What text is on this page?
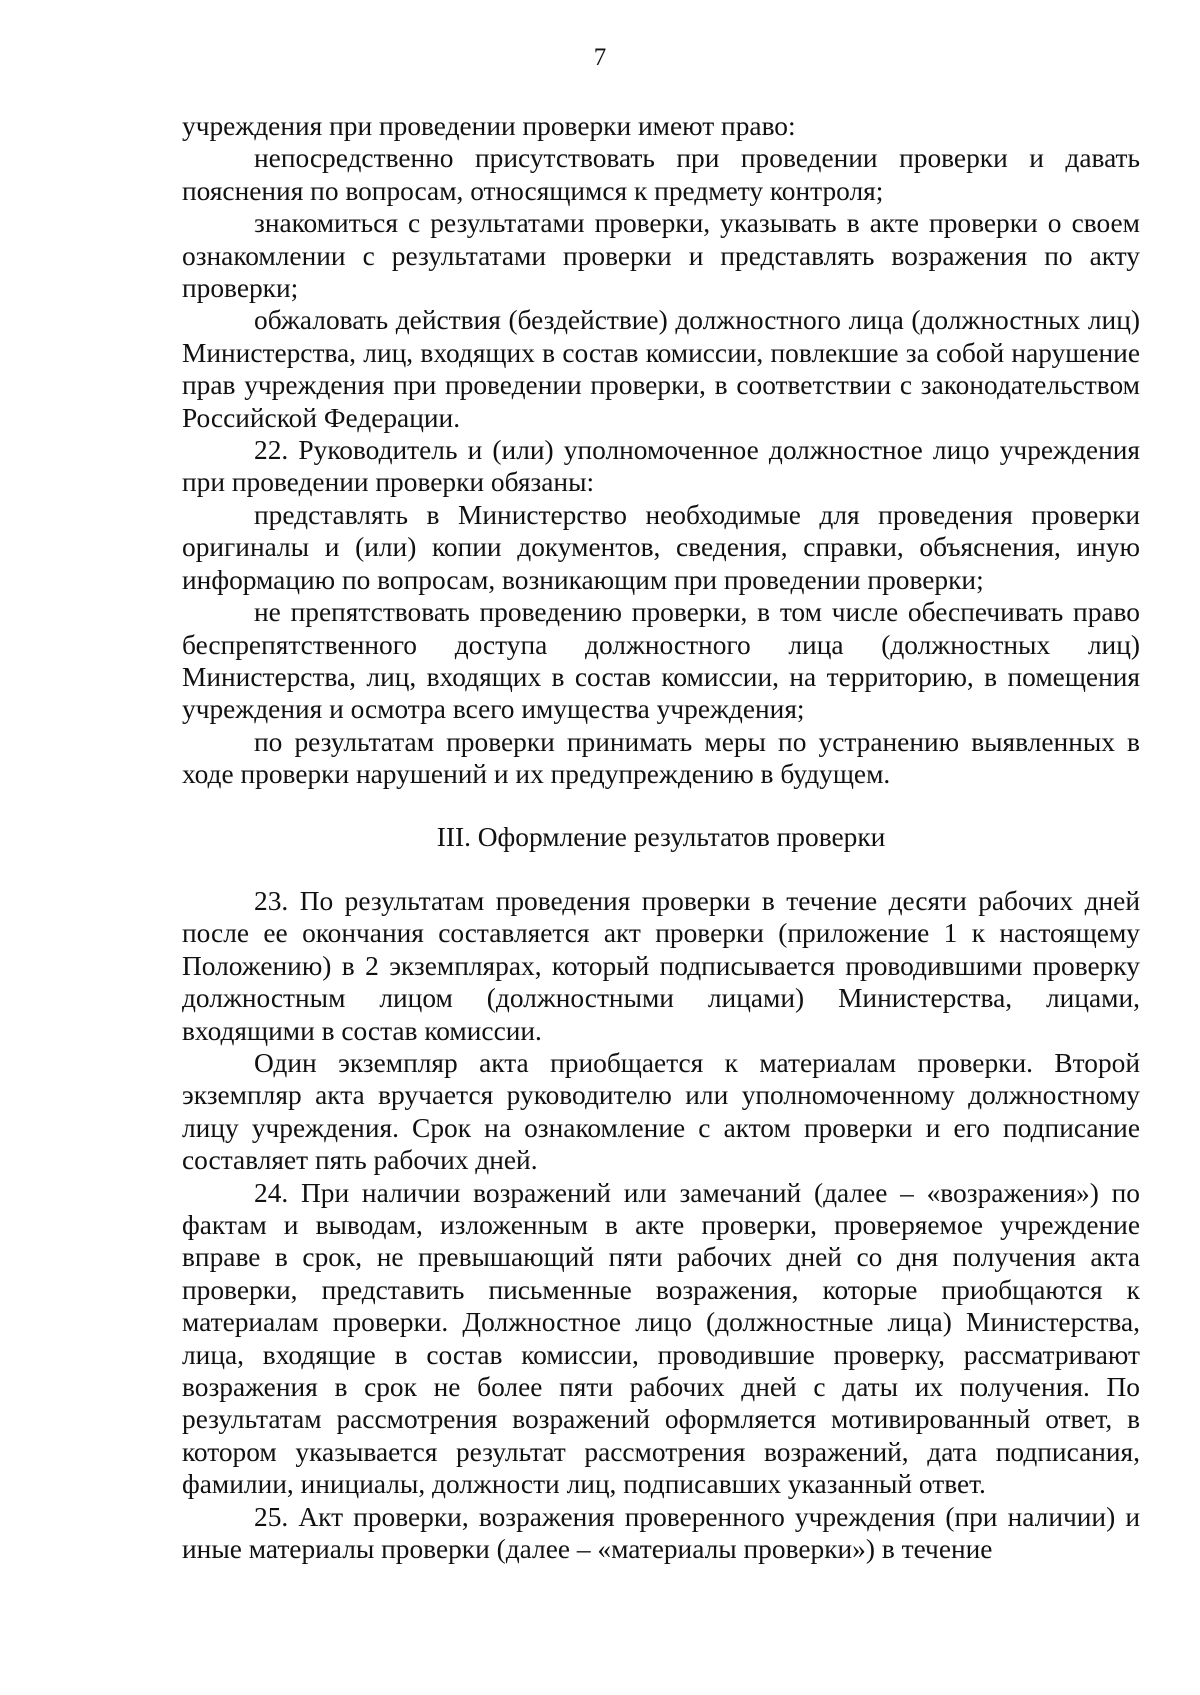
7

учреждения при проведении проверки имеют право:

непосредственно присутствовать при проведении проверки и давать пояснения по вопросам, относящимся к предмету контроля;

знакомиться с результатами проверки, указывать в акте проверки о своем ознакомлении с результатами проверки и представлять возражения по акту проверки;

обжаловать действия (бездействие) должностного лица (должностных лиц) Министерства, лиц, входящих в состав комиссии, повлекшие за собой нарушение прав учреждения при проведении проверки, в соответствии с законодательством Российской Федерации.

22. Руководитель и (или) уполномоченное должностное лицо учреждения при проведении проверки обязаны:

представлять в Министерство необходимые для проведения проверки оригиналы и (или) копии документов, сведения, справки, объяснения, иную информацию по вопросам, возникающим при проведении проверки;

не препятствовать проведению проверки, в том числе обеспечивать право беспрепятственного доступа должностного лица (должностных лиц) Министерства, лиц, входящих в состав комиссии, на территорию, в помещения учреждения и осмотра всего имущества учреждения;

по результатам проверки принимать меры по устранению выявленных в ходе проверки нарушений и их предупреждению в будущем.

III. Оформление результатов проверки

23. По результатам проведения проверки в течение десяти рабочих дней после ее окончания составляется акт проверки (приложение 1 к настоящему Положению) в 2 экземплярах, который подписывается проводившими проверку должностным лицом (должностными лицами) Министерства, лицами, входящими в состав комиссии.

Один экземпляр акта приобщается к материалам проверки. Второй экземпляр акта вручается руководителю или уполномоченному должностному лицу учреждения. Срок на ознакомление с актом проверки и его подписание составляет пять рабочих дней.

24. При наличии возражений или замечаний (далее – «возражения») по фактам и выводам, изложенным в акте проверки, проверяемое учреждение вправе в срок, не превышающий пяти рабочих дней со дня получения акта проверки, представить письменные возражения, которые приобщаются к материалам проверки. Должностное лицо (должностные лица) Министерства, лица, входящие в состав комиссии, проводившие проверку, рассматривают возражения в срок не более пяти рабочих дней с даты их получения. По результатам рассмотрения возражений оформляется мотивированный ответ, в котором указывается результат рассмотрения возражений, дата подписания, фамилии, инициалы, должности лиц, подписавших указанный ответ.

25. Акт проверки, возражения проверенного учреждения (при наличии) и иные материалы проверки (далее – «материалы проверки») в течение
